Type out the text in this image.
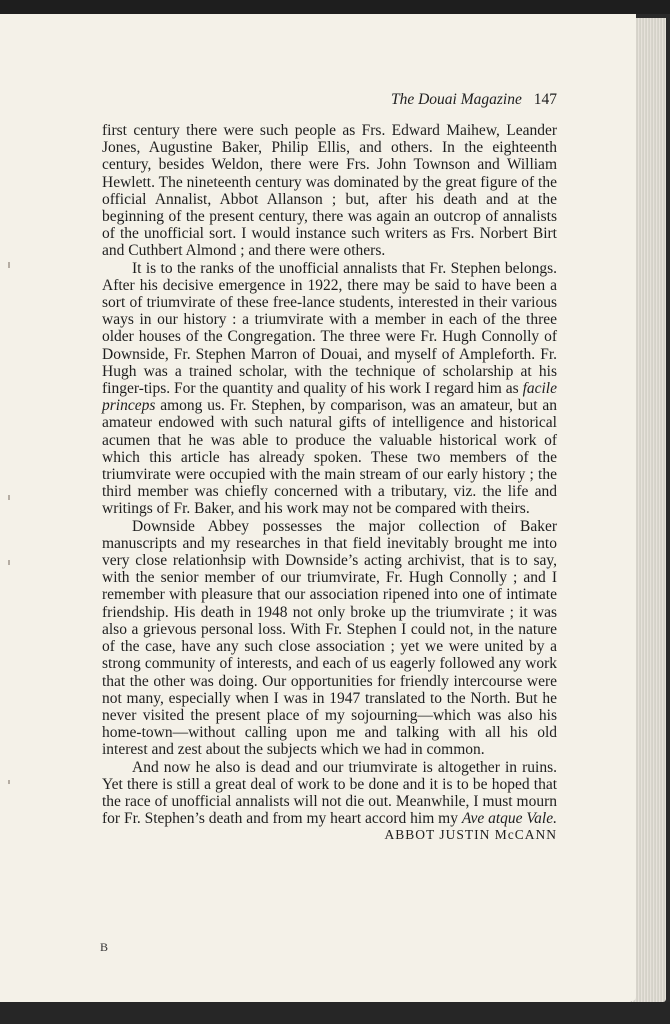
The Douai Magazine 147

first century there were such people as Frs. Edward Maihew, Leander Jones, Augustine Baker, Philip Ellis, and others. In the eighteenth century, besides Weldon, there were Frs. John Townson and William Hewlett. The nineteenth century was dominated by the great figure of the official Annalist, Abbot Allanson ; but, after his death and at the beginning of the present century, there was again an outcrop of annalists of the unofficial sort. I would instance such writers as Frs. Norbert Birt and Cuthbert Almond ; and there were others.

It is to the ranks of the unofficial annalists that Fr. Stephen belongs. After his decisive emergence in 1922, there may be said to have been a sort of triumvirate of these free-lance students, interested in their various ways in our history : a triumvirate with a member in each of the three older houses of the Congregation. The three were Fr. Hugh Connolly of Downside, Fr. Stephen Marron of Douai, and myself of Ampleforth. Fr. Hugh was a trained scholar, with the technique of scholarship at his finger-tips. For the quantity and quality of his work I regard him as facile princeps among us. Fr. Stephen, by comparison, was an amateur, but an amateur endowed with such natural gifts of intelligence and historical acumen that he was able to produce the valuable historical work of which this article has already spoken. These two members of the triumvirate were occupied with the main stream of our early history ; the third member was chiefly concerned with a tributary, viz. the life and writings of Fr. Baker, and his work may not be compared with theirs.

Downside Abbey possesses the major collection of Baker manuscripts and my researches in that field inevitably brought me into very close relationhsip with Downside’s acting archivist, that is to say, with the senior member of our triumvirate, Fr. Hugh Connolly ; and I remember with pleasure that our association ripened into one of intimate friendship. His death in 1948 not only broke up the triumvirate ; it was also a grievous personal loss. With Fr. Stephen I could not, in the nature of the case, have any such close association ; yet we were united by a strong community of interests, and each of us eagerly followed any work that the other was doing. Our opportunities for friendly intercourse were not many, especially when I was in 1947 translated to the North. But he never visited the present place of my sojourning—which was also his home-town—without calling upon me and talking with all his old interest and zest about the subjects which we had in common.

And now he also is dead and our triumvirate is altogether in ruins. Yet there is still a great deal of work to be done and it is to be hoped that the race of unofficial annalists will not die out. Meanwhile, I must mourn for Fr. Stephen’s death and from my heart accord him my Ave atque Vale.

ABBOT JUSTIN McCANN
B
